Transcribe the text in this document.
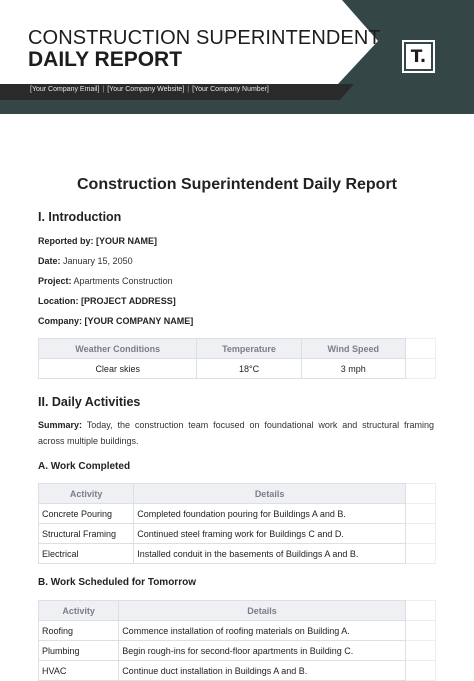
CONSTRUCTION SUPERINTENDENT
DAILY REPORT
[Your Company Email] | [Your Company Website] | [Your Company Number]
T.
Construction Superintendent Daily Report
I. Introduction
Reported by: [YOUR NAME]
Date: January 15, 2050
Project: Apartments Construction
Location: [PROJECT ADDRESS]
Company: [YOUR COMPANY NAME]
Weather Conditions	Temperature	Wind Speed	
Clear skies	18°C	3 mph	
II. Daily Activities
Summary: Today, the construction team focused on foundational work and structural framing across multiple buildings.
A. Work Completed
Activity	Details	
Concrete Pouring	Completed foundation pouring for Buildings A and B.	
Structural Framing	Continued steel framing work for Buildings C and D.	
Electrical	Installed conduit in the basements of Buildings A and B.	
B. Work Scheduled for Tomorrow
Activity	Details	
Roofing	Commence installation of roofing materials on Building A.	
Plumbing	Begin rough-ins for second-floor apartments in Building C.	
HVAC	Continue duct installation in Buildings A and B.	
